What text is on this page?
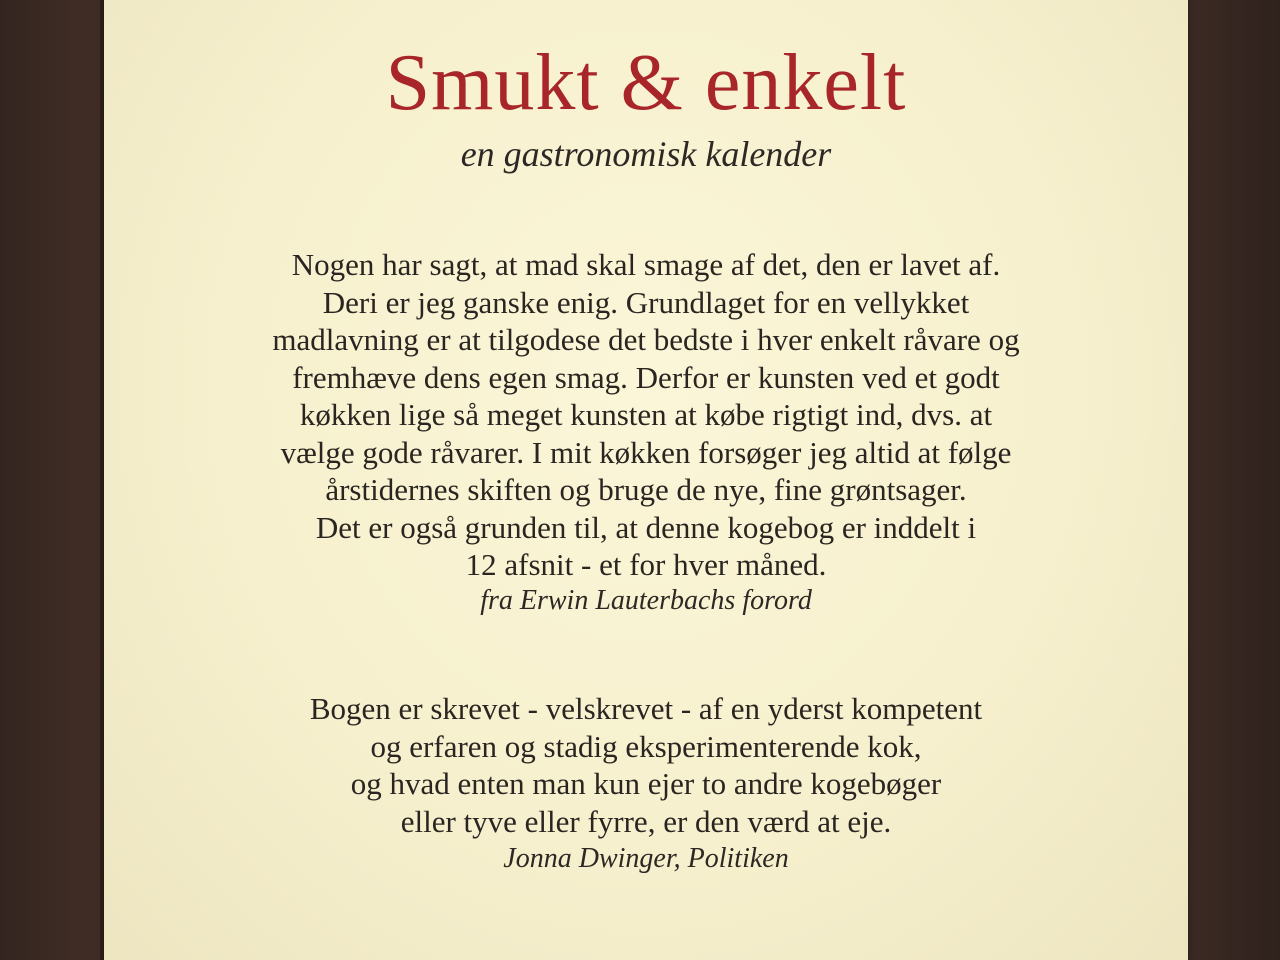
Smukt & enkelt
en gastronomisk kalender
Nogen har sagt, at mad skal smage af det, den er lavet af.
Deri er jeg ganske enig. Grundlaget for en vellykket
madlavning er at tilgodese det bedste i hver enkelt råvare og
fremhæve dens egen smag. Derfor er kunsten ved et godt
køkken lige så meget kunsten at købe rigtigt ind, dvs. at
vælge gode råvarer. I mit køkken forsøger jeg altid at følge
årstidernes skiften og bruge de nye, fine grøntsager.
Det er også grunden til, at denne kogebog er inddelt i
12 afsnit - et for hver måned.
fra Erwin Lauterbachs forord
Bogen er skrevet - velskrevet - af en yderst kompetent
og erfaren og stadig eksperimenterende kok,
og hvad enten man kun ejer to andre kogebøger
eller tyve eller fyrre, er den værd at eje.
Jonna Dwinger, Politiken
